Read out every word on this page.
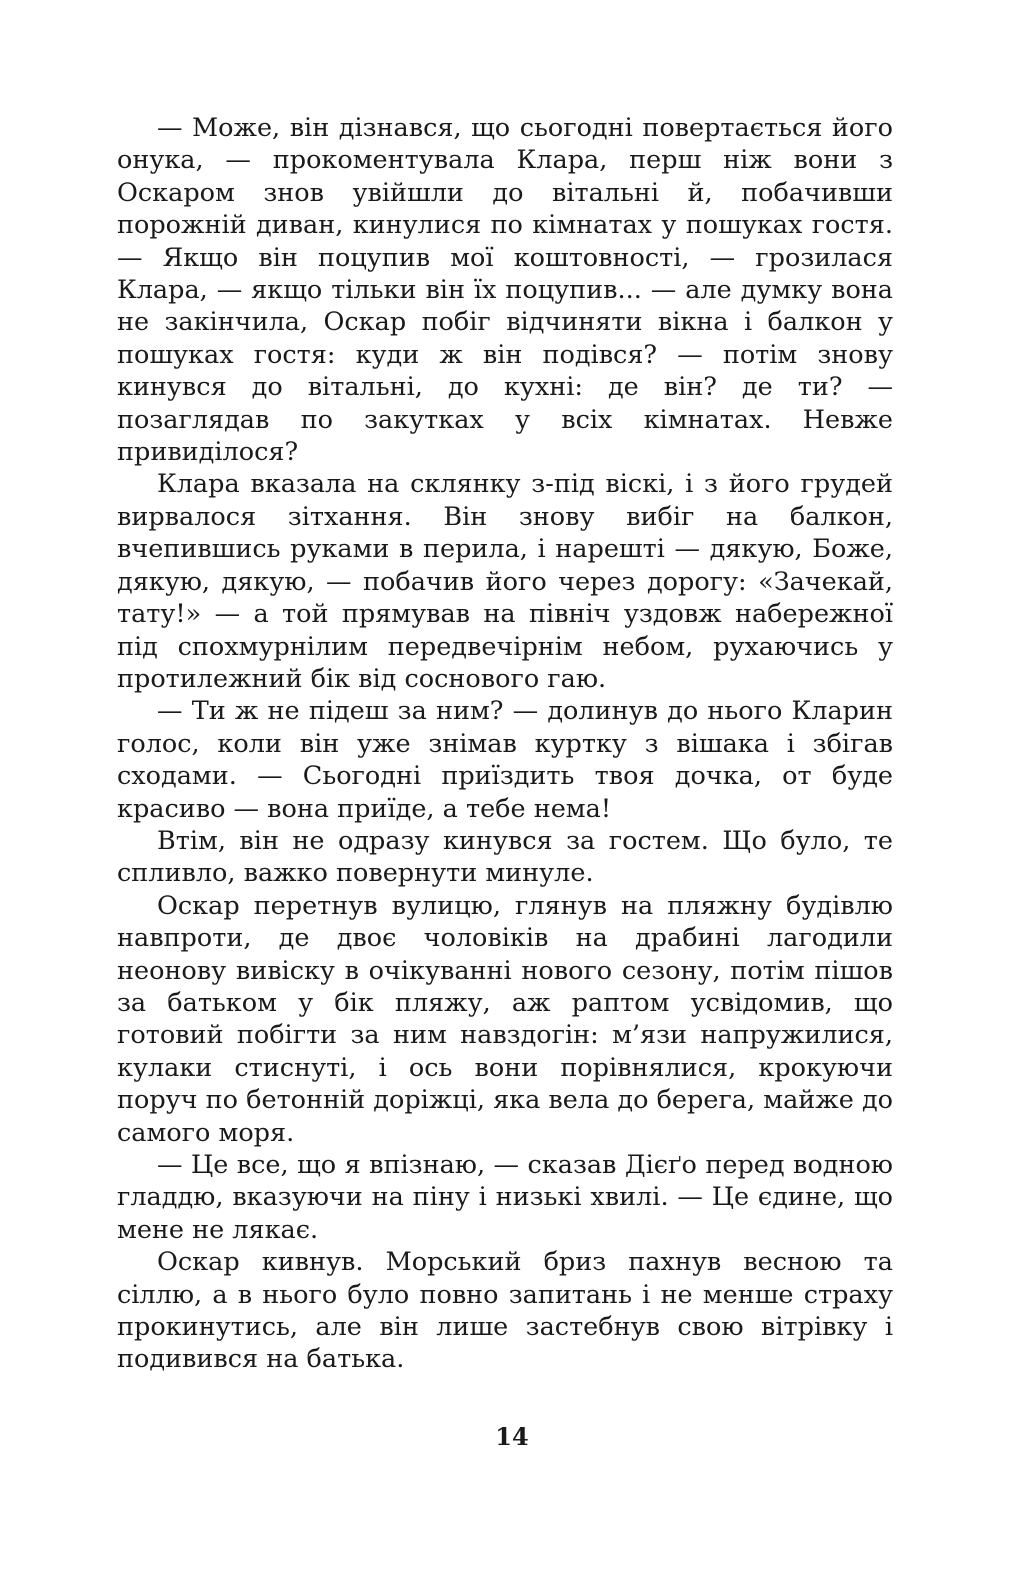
— Може, він дізнався, що сьогодні повертається його онука, — прокоментувала Клара, перш ніж вони з Оскаром знов увійшли до вітальні й, побачивши порожній диван, кинулися по кімнатах у пошуках гостя. — Якщо він поцупив мої коштовності, — грозилася Клара, — якщо тільки він їх поцупив... — але думку вона не закінчила, Оскар побіг відчиняти вікна і балкон у пошуках гостя: куди ж він подівся? — потім знову кинувся до вітальні, до кухні: де він? де ти? — позаглядав по закутках у всіх кімнатах. Невже привиділося?

Клара вказала на склянку з-під віскі, і з його грудей вирвалося зітхання. Він знову вибіг на балкон, вчепившись руками в перила, і нарешті — дякую, Боже, дякую, дякую, — побачив його через дорогу: «Зачекай, тату!» — а той прямував на північ уздовж набережної під спохмурнілим передвечірнім небом, рухаючись у протилежний бік від соснового гаю.

— Ти ж не підеш за ним? — долинув до нього Кларин голос, коли він уже знімав куртку з вішака і збігав сходами. — Сьогодні приїздить твоя дочка, от буде красиво — вона приїде, а тебе нема!

Втім, він не одразу кинувся за гостем. Що було, те спливло, важко повернути минуле.

Оскар перетнув вулицю, глянув на пляжну будівлю навпроти, де двоє чоловіків на драбині лагодили неонову вивіску в очікуванні нового сезону, потім пішов за батьком у бік пляжу, аж раптом усвідомив, що готовий побігти за ним навздогін: м’язи напружилися, кулаки стиснуті, і ось вони порівнялися, крокуючи поруч по бетонній доріжці, яка вела до берега, майже до самого моря.

— Це все, що я впізнаю, — сказав Дієґо перед водною гладдю, вказуючи на піну і низькі хвилі. — Це єдине, що мене не лякає.

Оскар кивнув. Морський бриз пахнув весною та сіллю, а в нього було повно запитань і не менше страху прокинутись, але він лише застебнув свою вітрівку і подивився на батька.

14
